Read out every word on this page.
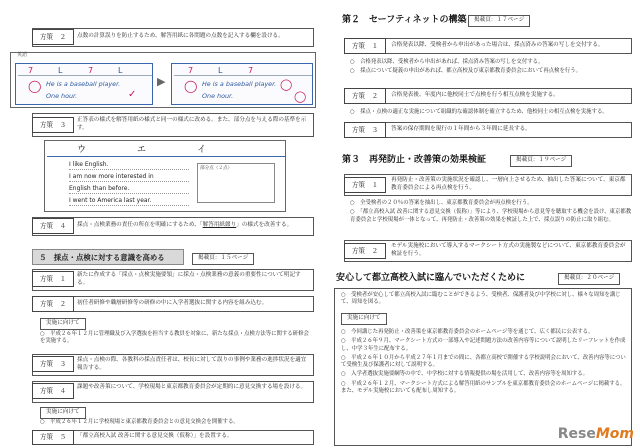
点数の計算誤りを防止するため、解答用紙に各問題の点数を記入する欄を設ける。
方策　２
英語
7	L	7	L
He is a baseball player.
One hour.
◯
✓
▶
7	L	7
He is a baseball player.
One hour.
◯	◯
◯
正答表の様式を解答用紙の様式と同一の様式に改める。また、部分点を与える際の基準を示す。
方策　３
ウ	エ	イ
I like English.
I am now more interested in
English than before.
I went to America last year.
部分点（２点）
採点・点検業務の責任の所在を明確にするため、「解答用紙綴り」の様式を改善する。
方策　４
５　採点・点検に対する意識を高める	掲載頁：１５ページ
新たに作成する「採点・点検実施要領」に採点・点検業務の意義の重要性について明記する。
方策　１
初任者研修や職層研修等の研修の中に入学者選抜に関する内容を組み込む。
方策　２
実施に向けて
○　平成２６年１２月に管理職及び入学選抜を担当する教員を対象に、新たな採点・点検方法等に関する研修会を実施する。
採点・点検の際、各教科の採点責任者は、校長に対して誤りの事例や業務の進捗状況を適宜報告する。
方策　３
課題や改善策について、学校現場と東京都教育委員会が定期的に意見交換する場を設ける。
方策　４
実施に向けて
○　平成２６年１２月に学校現場と東京都教育委員会との意見交換会を開催する。
「都立高校入試 改善に関する意見交換（仮称）」を設置する。
方策　５
第２　セーフティネットの構築	掲載頁：１７ページ
合格発表以降、受検者から申出があった場合は、採点済みの答案の写しを交付する。
方策　１
○　合格発表以降、受検者から申出があれば、採点済み答案の写しを交付する。
○　採点について疑義の申出があれば、都立高校及び東京都教育委員会において再点検を行う。
合格発表後、年度内に他校同士で点検を行う相互点検を実施する。
方策　２
○　採点・点検の適正な実施について組織的な確認体制を確立するため、他校同士の相互点検を実施する。
答案の保存期間を現行の１年間から３年間に延長する。
方策　３
第３　再発防止・改善策の効果検証	掲載頁：１９ページ
再発防止・改善策の実施状況を確認し、一層向上させるため、抽出した答案について、東京都教育委員会による再点検を行う。
方策　１
○　全受検者の２０％の答案を抽出し、東京都教育委員会が再点検を行う。
○　「都立高校入試 改善に関する意見交換（仮称）」等により、学校現場から意見等を聴取する機会を設け、東京都教育委員会と学校現場が一体となって、再発防止・改善策の効果を検証した上で、採点誤りの防止に取り組む。
モデル実施校において導入するマークシート方式の実施製などについて、東京都教育委員会が検証を行う。
方策　２
安心して都立高校入試に臨んでいただくために	掲載頁：２０ページ
○　受検者が安心して都立高校入試に臨むことができるよう、受検者、保護者及び中学校に対し、様々な周知を講じて、周知を図る。
実施に向けて
○　今回講じた再発防止・改善策を東京都教育委員会のホームページ等を通じて、広く都民に公表する。
○　平成２６年９月、マークシート方式の一部導入や記述問題方法の改善内容等について説明したリーフレットを作成し、中学３年生に配布する。
○　平成２６年１０月から平成２７年１月までの間に、各都立高校で開催する学校説明会において、改善内容等について受検生及び保護者に対して説明する。
○　入学者選抜実施要綱等の中で、中学校に対する情報提供の場を活用して、改善内容等を周知する。
○　平成２６年１２月、マークシート方式による解答用紙のサンプルを東京都教育委員会のホームページに掲載する。また、モデル実施校においても配布し周知する。
ReseMom
